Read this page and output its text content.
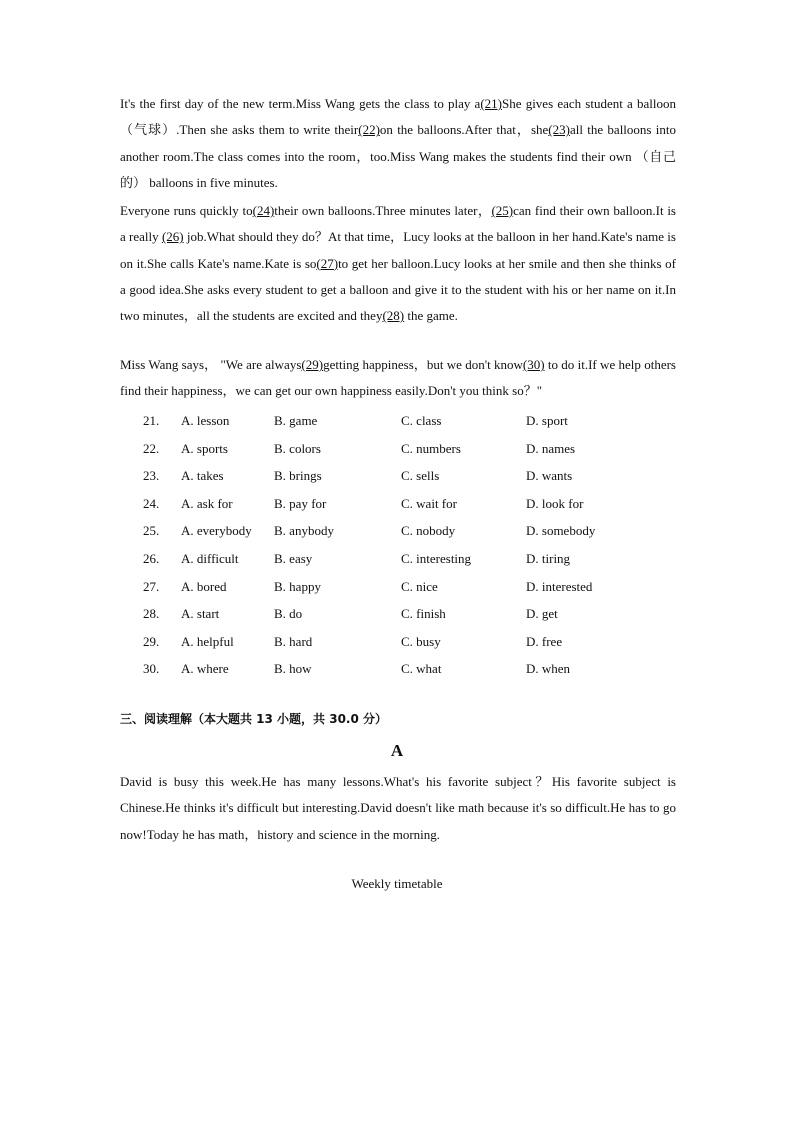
It's the first day of the new term.Miss Wang gets the class to play a(21)She gives each student a balloon （气球）.Then she asks them to write their(22)on the balloons.After that，she(23)all the balloons into another room.The class comes into the room，too.Miss Wang makes the students find their own （自己的） balloons in five minutes.

Everyone runs quickly to(24)their own balloons.Three minutes later，(25)can find their own balloon.It is a really (26) job.What should they do？At that time，Lucy looks at the balloon in her hand.Kate's name is on it.She calls Kate's name.Kate is so(27)to get her balloon.Lucy looks at her smile and then she thinks of a good idea.She asks every student to get a balloon and give it to the student with his or her name on it.In two minutes，all the students are excited and they(28) the game.

Miss Wang says， "We are always(29)getting happiness，but we don't know(30) to do it.If we help others find their happiness，we can get our own happiness easily.Don't you think so？"

21. A. lesson	B. game	C. class	D. sport
22. A. sports	B. colors	C. numbers	D. names
23. A. takes	B. brings	C. sells	D. wants
24. A. ask for	B. pay for	C. wait for	D. look for
25. A. everybody B. anybody	C. nobody	D. somebody
26. A. difficult	B. easy	C. interesting	D. tiring
27. A. bored	B. happy	C. nice	D. interested
28. A. start	B. do	C. finish	D. get
29. A. helpful	B. hard	C. busy	D. free
30. A. where	B. how	C. what	D. when
三、阅读理解（本大题共 13 小题，共 30.0 分）
A

David is busy this week.He has many lessons.What's his favorite subject？His favorite subject is Chinese.He thinks it's difficult but interesting.David doesn't like math because it's so difficult.He has to go now!Today he has math，history and science in the morning.

Weekly timetable
